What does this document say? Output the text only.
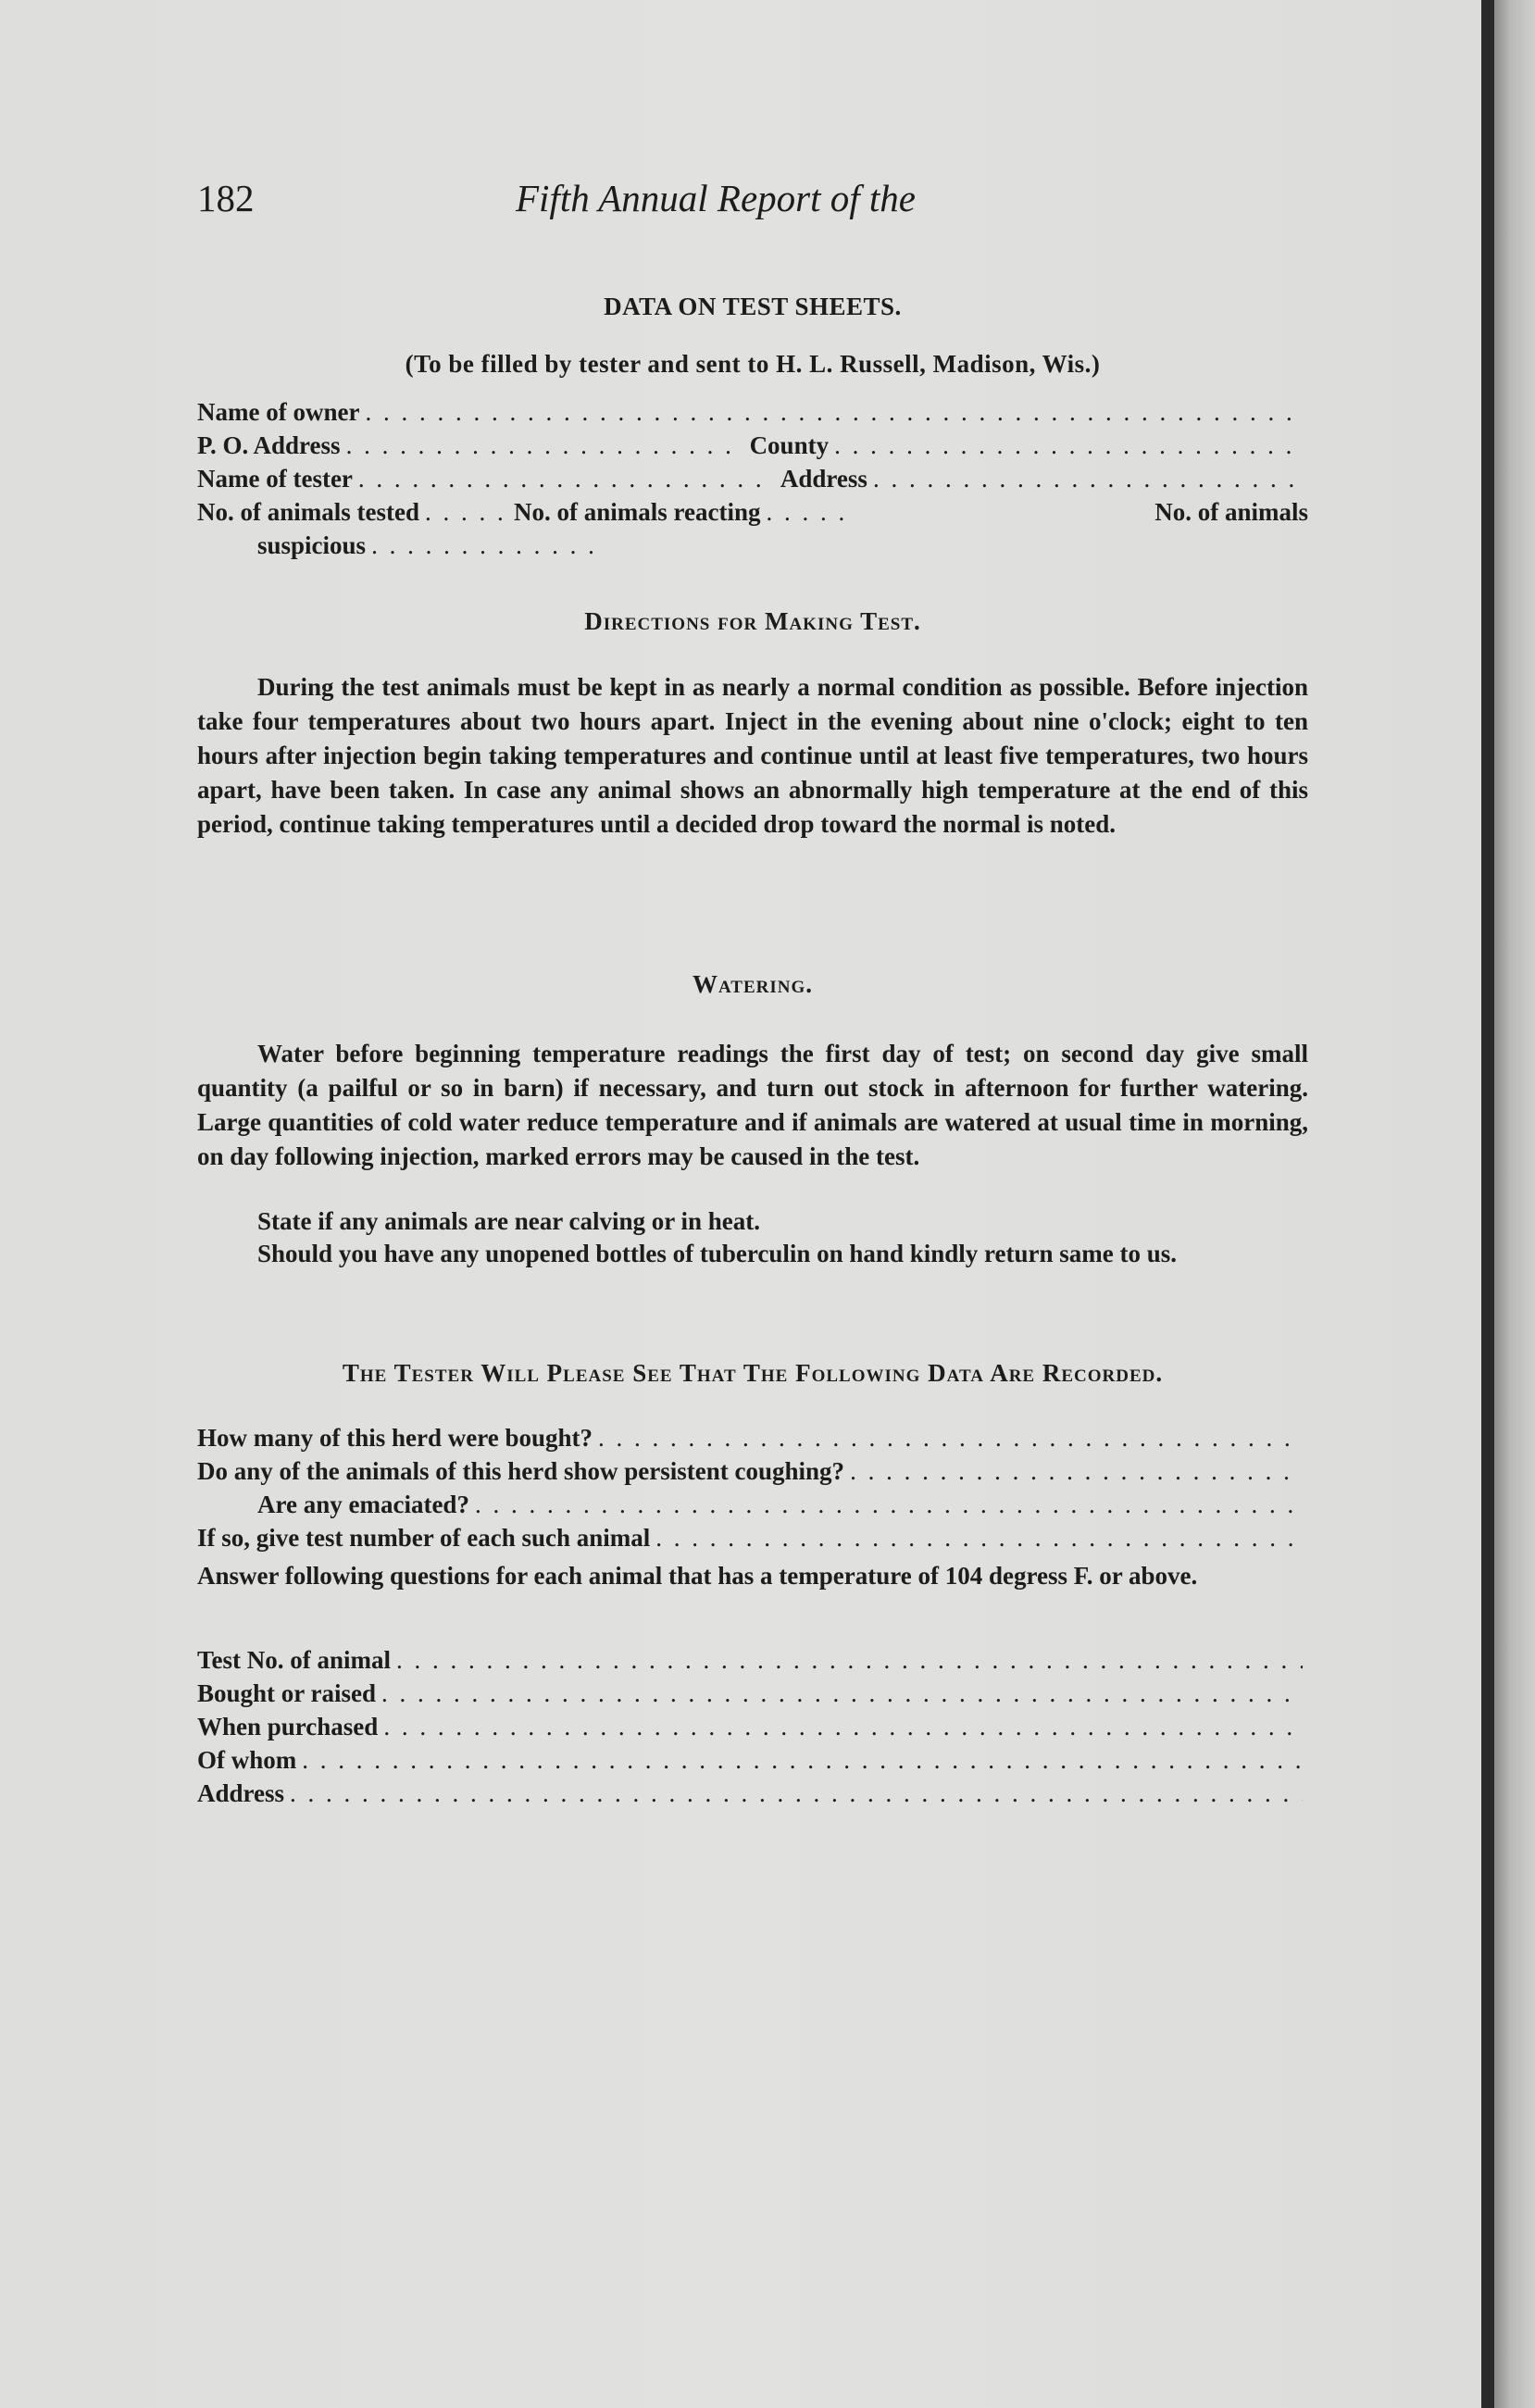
182	Fifth Annual Report of the
DATA ON TEST SHEETS.
(To be filled by tester and sent to H. L. Russell, Madison, Wis.)
Name of owner
. . .
P. O. Address . . .	County
. . .
Name of tester . . .	Address
. . .
No. of animals tested . . .	No. of animals reacting . . .	No. of animals
suspicious
. . .
Directions for Making Test.

During the test animals must be kept in as nearly a normal condition as possible. Before injection take four temperatures about two hours apart. Inject in the evening about nine o'clock; eight to ten hours after injection begin taking temperatures and continue until at least five temperatures, two hours apart, have been taken. In case any animal shows an abnormally high temperature at the end of this period, continue taking temperatures until a decided drop toward the normal is noted.

Watering.

Water before beginning temperature readings the first day of test; on second day give small quantity (a pailful or so in barn) if necessary, and turn out stock in afternoon for further watering. Large quantities of cold water reduce temperature and if animals are watered at usual time in morning, on day following injection, marked errors may be caused in the test.

State if any animals are near calving or in heat.

Should you have any unopened bottles of tuberculin on hand kindly return same to us.

The Tester Will Please See That The Following Data Are Recorded.
How many of this herd were bought?
. . .
Do any of the animals of this herd show persistent coughing?
. . .
Are any emaciated?
. . .
If so, give test number of each such animal
. . .

Answer following questions for each animal that has a temperature of 104 degress F. or above.

Test No. of animal
. . .
Bought or raised
. . .
When purchased
. . .
Of whom
. . .
Address
. . .
